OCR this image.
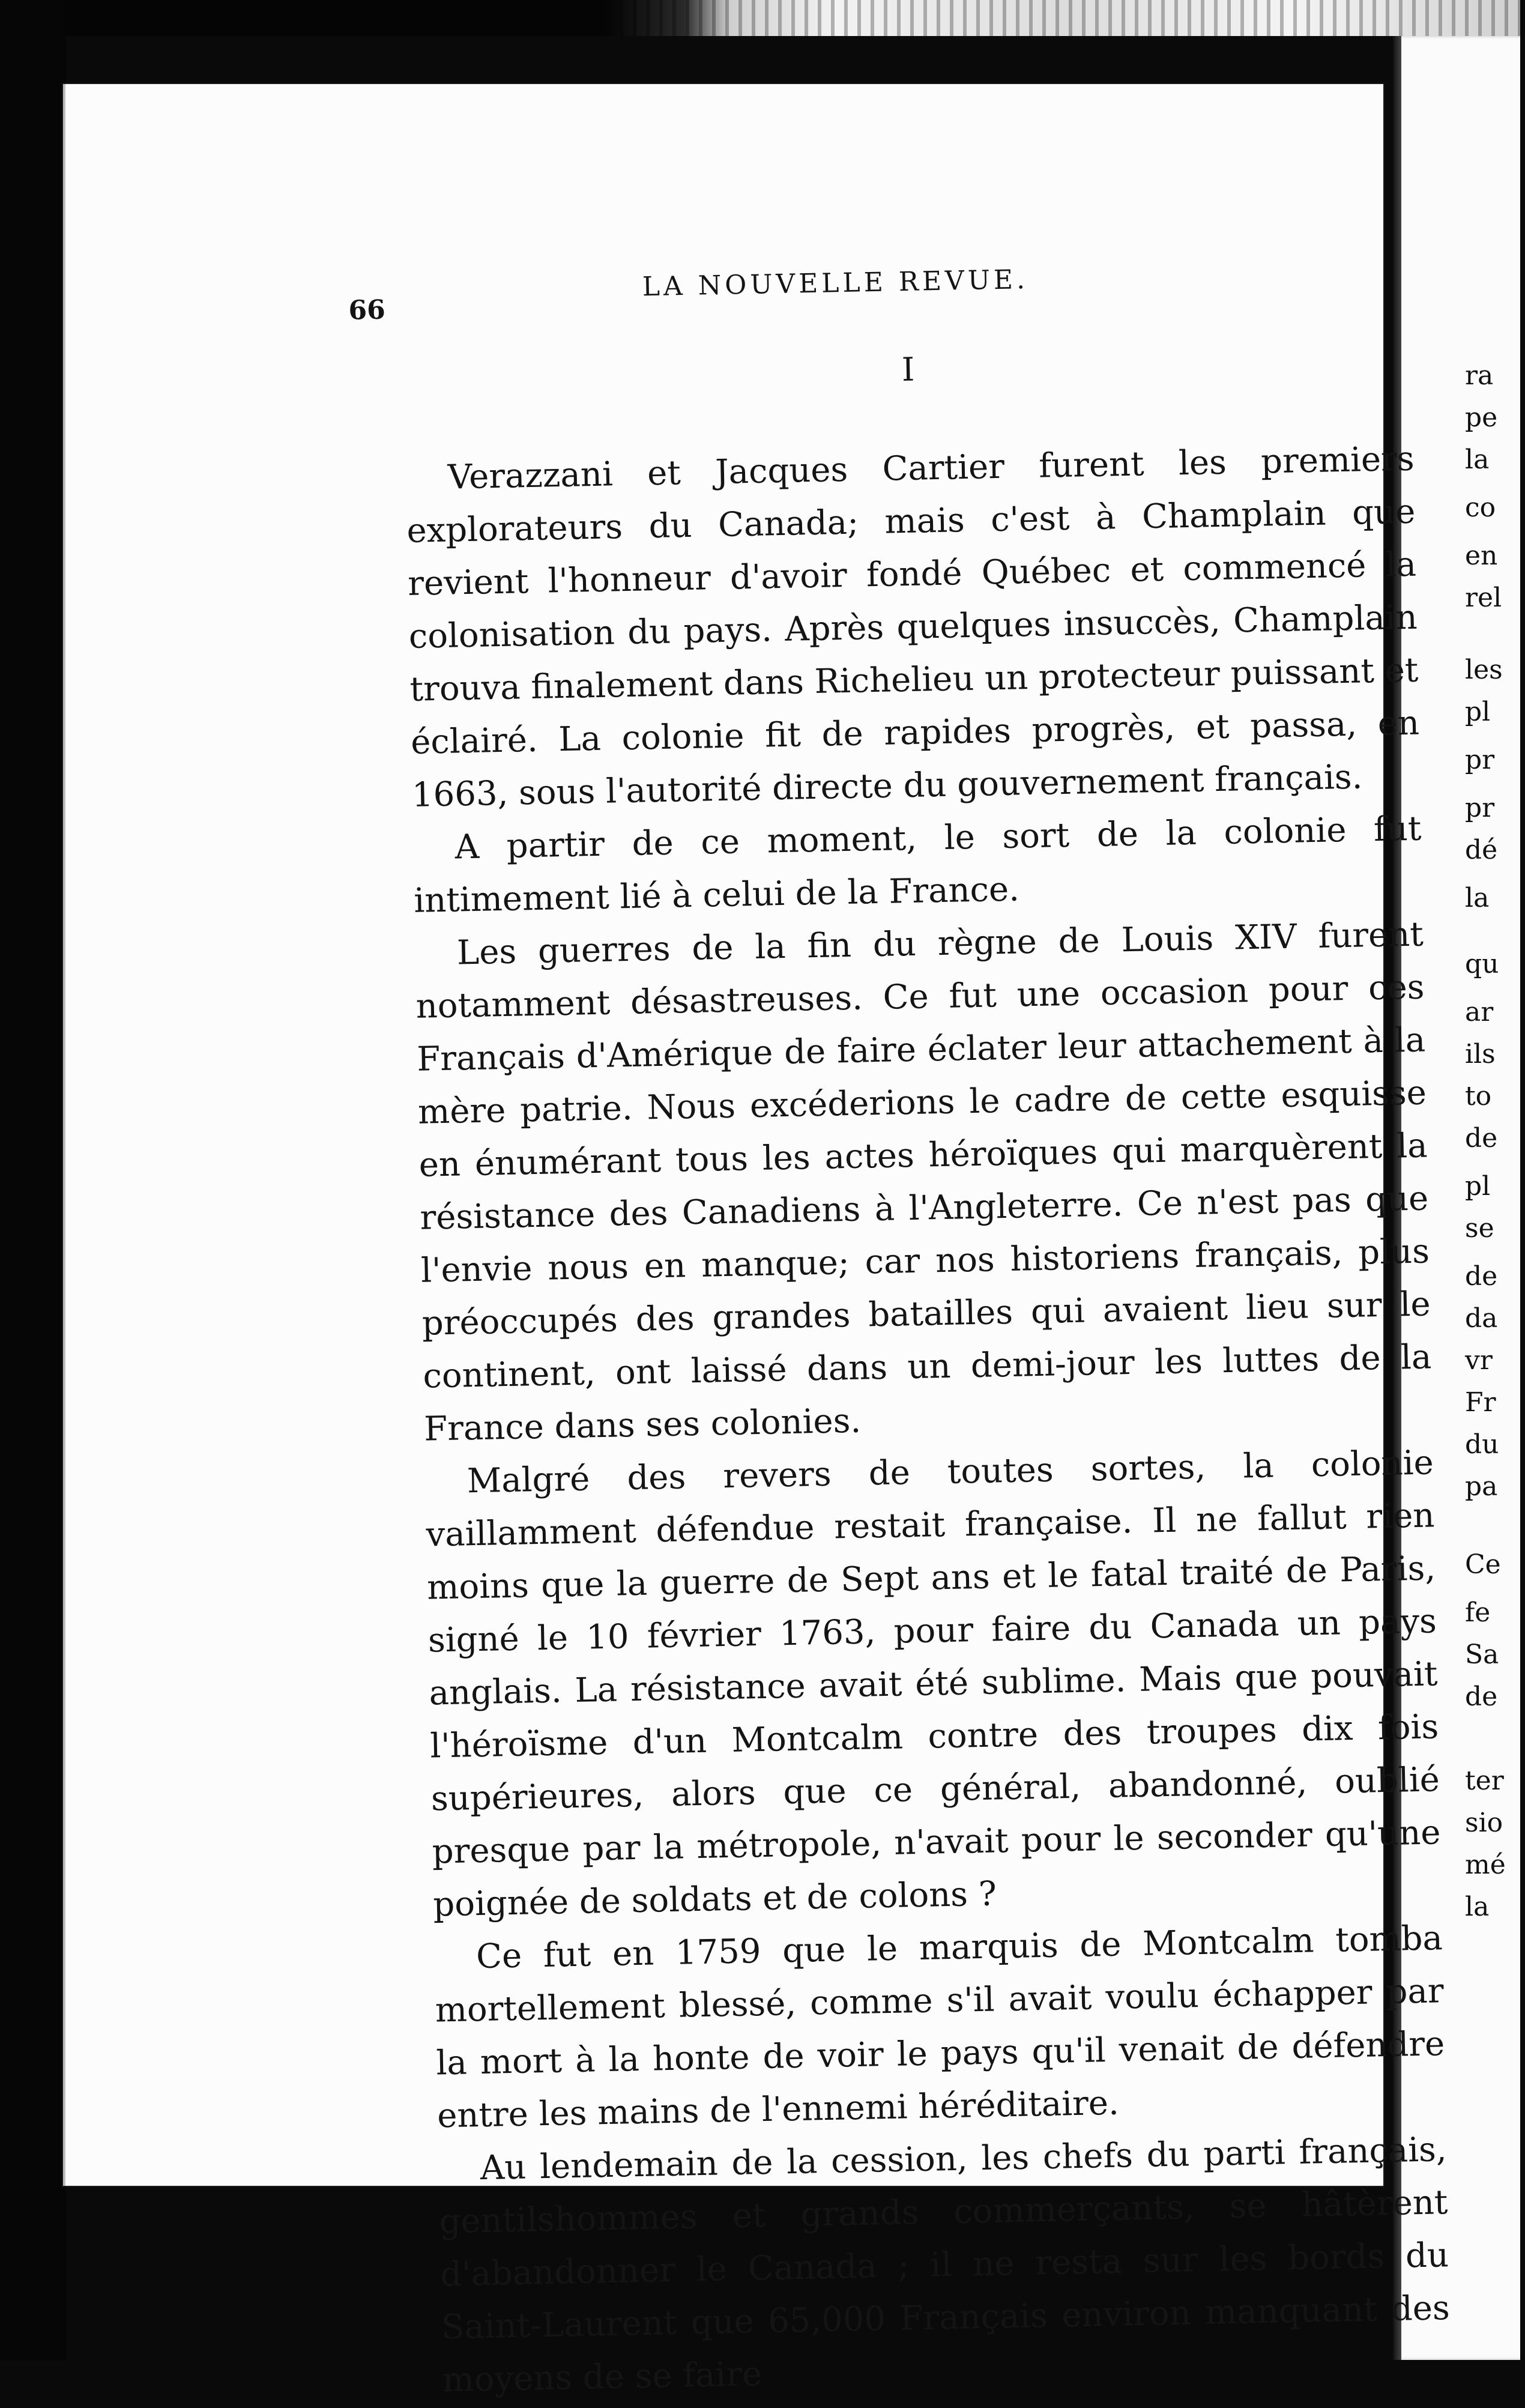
ra
pe
la
co
en
rel
les
pl
pr
pr
dé
la
qu
ar
ils
to
de
pl
se
de
da
vr
Fr
du
pa
Ce
fe
Sa
de
ter
sio
mé
la
66
LA NOUVELLE REVUE.
I

Verazzani et Jacques Cartier furent les premiers explorateurs du Canada; mais c'est à Champlain que revient l'honneur d'avoir fondé Québec et commencé la colonisation du pays. Après quelques insuccès, Champlain trouva finalement dans Richelieu un protecteur puissant et éclairé. La colonie fit de rapides progrès, et passa, en 1663, sous l'autorité directe du gouvernement français.

A partir de ce moment, le sort de la colonie fut intimement lié à celui de la France.

Les guerres de la fin du règne de Louis XIV furent notamment désastreuses. Ce fut une occasion pour ces Français d'Amérique de faire éclater leur attachement à la mère patrie. Nous excéderions le cadre de cette esquisse en énumérant tous les actes héroïques qui marquèrent la résistance des Canadiens à l'Angleterre. Ce n'est pas que l'envie nous en manque; car nos historiens français, plus préoccupés des grandes batailles qui avaient lieu sur le continent, ont laissé dans un demi-jour les luttes de la France dans ses colonies.

Malgré des revers de toutes sortes, la colonie vaillamment défendue restait française. Il ne fallut rien moins que la guerre de Sept ans et le fatal traité de Paris, signé le 10 février 1763, pour faire du Canada un pays anglais. La résistance avait été sublime. Mais que pouvait l'héroïsme d'un Montcalm contre des troupes dix fois supérieures, alors que ce général, abandonné, oublié presque par la métropole, n'avait pour le seconder qu'une poignée de soldats et de colons ?

Ce fut en 1759 que le marquis de Montcalm tomba mortellement blessé, comme s'il avait voulu échapper par la mort à la honte de voir le pays qu'il venait de défendre entre les mains de l'ennemi héréditaire.

Au lendemain de la cession, les chefs du parti français, gentilshommes et grands commerçants, se hâtèrent d'abandonner le Canada ; il ne resta sur les bords du Saint-Laurent que 65,000 Français environ manquant des moyens de se faire
